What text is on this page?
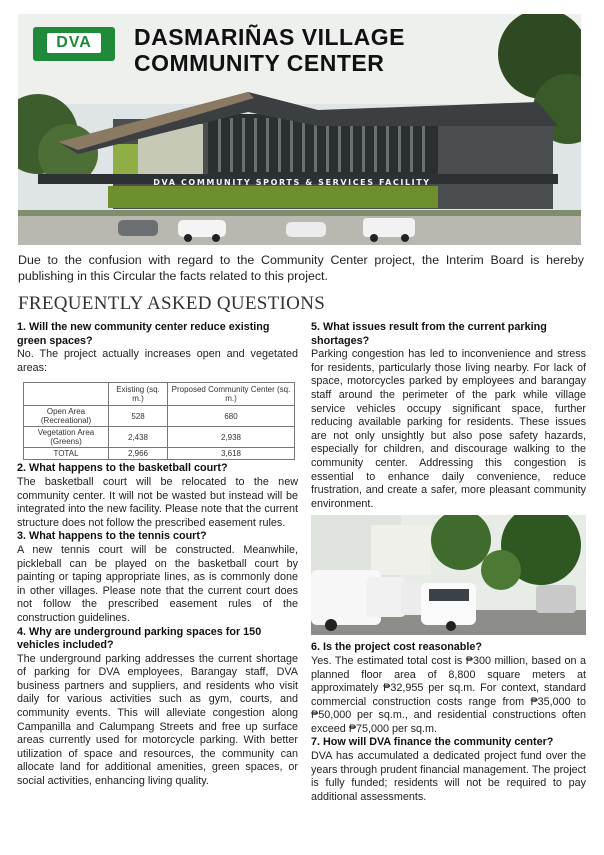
DVA	DASMARIÑAS VILLAGE
COMMUNITY CENTER
DVA COMMUNITY SPORTS & SERVICES FACILITY

Due to the confusion with regard to the Community Center project, the Interim Board is hereby publishing in this Circular the facts related to this project.

FREQUENTLY ASKED QUESTIONS

1. Will the new community center reduce existing green spaces?

No. The project actually increases open and vegetated areas:

	Existing (sq. m.)	Proposed Community Center (sq. m.)
Open Area (Recreational)	528	680
Vegetation Area (Greens)	2,438	2,938
TOTAL	2,966	3,618

2. What happens to the basketball court?

The basketball court will be relocated to the new community center. It will not be wasted but instead will be integrated into the new facility. Please note that the current structure does not follow the prescribed easement rules.

3. What happens to the tennis court?

A new tennis court will be constructed. Meanwhile, pickleball can be played on the basketball court by painting or taping appropriate lines, as is commonly done in other villages. Please note that the current court does not follow the prescribed easement rules of the construction guidelines.

4. Why are underground parking spaces for 150 vehicles included?

The underground parking addresses the current shortage of parking for DVA employees, Barangay staff, DVA business partners and suppliers, and residents who visit daily for various activities such as gym, courts, and community events. This will alleviate congestion along Campanilla and Calumpang Streets and free up surface areas currently used for motorcycle parking. With better utilization of space and resources, the community can allocate land for additional amenities, green spaces, or social activities, enhancing living quality.

5. What issues result from the current parking shortages?

Parking congestion has led to inconvenience and stress for residents, particularly those living nearby. For lack of space, motorcycles parked by employees and barangay staff around the perimeter of the park while village service vehicles occupy significant space, further reducing available parking for residents. These issues are not only unsightly but also pose safety hazards, especially for children, and discourage walking to the community center. Addressing this congestion is essential to enhance daily convenience, reduce frustration, and create a safer, more pleasant community environment.

6. Is the project cost reasonable?

Yes. The estimated total cost is ₱300 million, based on a planned floor area of 8,800 square meters at approximately ₱32,955 per sq.m. For context, standard commercial construction costs range from ₱35,000 to ₱50,000 per sq.m., and residential constructions often exceed ₱75,000 per sq.m.

7. How will DVA finance the community center?

DVA has accumulated a dedicated project fund over the years through prudent financial management. The project is fully funded; residents will not be required to pay additional assessments.
